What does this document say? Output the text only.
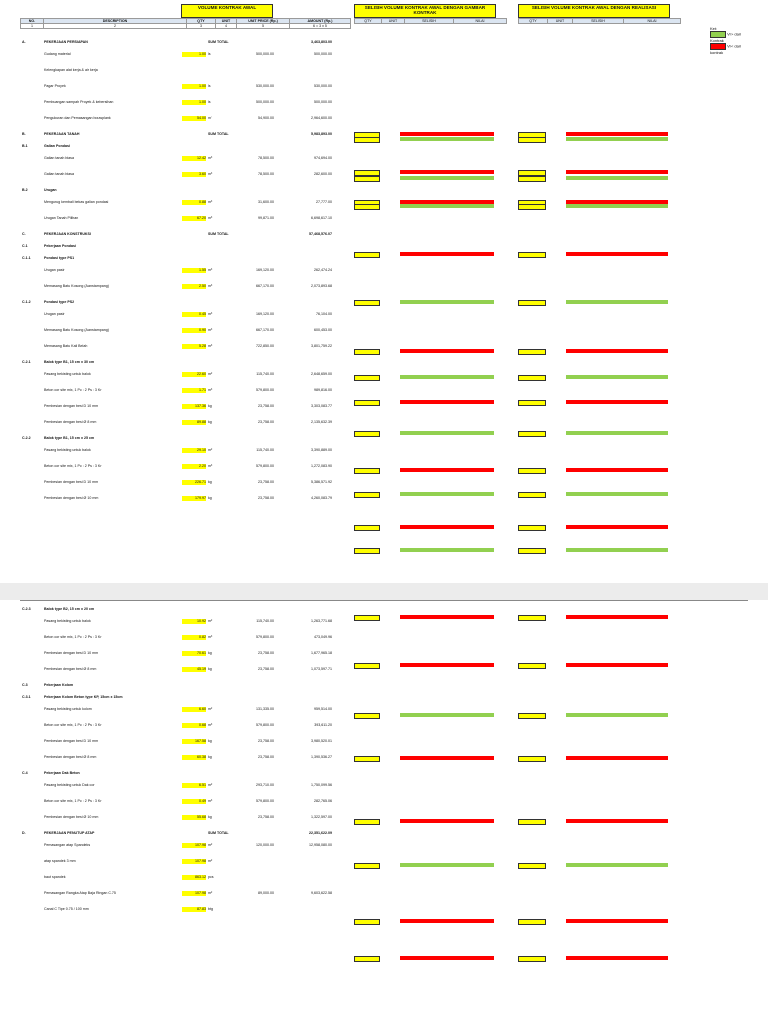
VOLUME KONTRAK AWAL	SELISIH VOLUME KONTRAK AWAL DENGAN GAMBAR KONTRAK
SELISIH VOLUME KONTRAK AWAL DENGAN REALISASI
Ket:
Vr> dari Kontrak
Vr< dari kontrak
NO.	DESCRIPTION	QTY	UNIT	UNIT PRICE (Rp.)	AMOUNT (Rp.)
1	2	3	4	5	6 = 3 x 5
QTY	UNIT	SELISIH	NILAI	QTY	UNIT	SELISIH	NILAI
A.	PEKERJAAN PERSIAPAN	SUM TOTAL	3,463,803.00
Gudang material	1.00 ls	500,000.00	500,000.00
Kelengkapan alat kerja & air kerja
Pagar Proyek	1.00 ls	530,000.00	530,000.00
Pembuangan sampah Proyek & kebersihan	1.00 ls	500,000.00	500,000.00
Pengukuran dan Pemasangan bouwplank	54.00 m'	54,900.00	2,964,600.00
B.	PEKERJAAN TANAH	SUM TOTAL	5,983,893.00
B.1	Galian Pondasi
Galian tanah biasa	12.42 m³	78,500.00	974,694.00
Galian tanah biasa	3.60 m³	78,500.00	282,600.00
B.2	Urugan
Mengurug kembali bekas galian pondasi	0.88 m³	31,600.00	27,777.00
Urugan Tanah Pilihan	67.20 m³	99,871.00	6,698,617.10
C.	PEKERJAAN KONSTRUKSI	SUM TOTAL	57,468,576.07
C.1	Pekerjaan Pondasi
C.1.1	Pondasi type PS1
Urugan pasir	1.55 m³	169,120.00	262,474.24
Memasang Batu Kosong (Aanstampang)	2.50 m³	667,170.00	2,073,893.68
C.1.2	Pondasi type PS2
Urugan pasir	0.45 m³	169,120.00	76,104.00
Memasang Batu Kosong (Aanstampang)	0.90 m³	667,170.00	600,453.00
Memasang Batu Kali Belah	5.28 m³	722,850.00	3,801,759.22
C.2.1	Balok type B1, 15 cm x 30 cm
Pasang bekisting untuk balok	22.60 m²	115,740.00	2,648,659.00
Beton cor site mix, 1 Pc : 2 Ps : 3 Kr	1.71 m³	579,800.00	989,816.00
Pembesian dengan besi D 10 mm	137.36 kg	23,758.00	3,303,083.77
Pembesian dengan besi Ø 8 mm	89.88 kg	23,758.00	2,135,632.39
C.2.2	Balok type B1, 15 cm x 25 cm
Pasang bekisting untuk balok	29.10 m²	115,740.00	3,390,889.00
Beton cor site mix, 1 Pc : 2 Ps : 3 Kr	2.20 m³	579,800.00	1,272,083.90
Pembesian dengan besi D 10 mm	226.71 kg	23,758.00	5,386,571.92
Pembesian dengan besi Ø 10 mm	179.97 kg	23,758.00	4,260,083.79
C.2.3	Balok type B2, 15 cm x 20 cm
Pasang bekisting untuk balok	10.92 m²	115,740.00	1,263,771.68
Beton cor site mix, 1 Pc : 2 Ps : 3 Kr	0.82 m³	579,800.00	473,049.96
Pembesian dengan besi D 10 mm	70.61 kg	23,758.00	1,677,965.18
Pembesian dengan besi Ø 8 mm	45.19 kg	23,758.00	1,073,597.71
C.3	Pekerjaan Kolom
C.3.1	Pekerjaan Kolom Beton type KP, 15cm x 15cm
Pasang bekisting untuk kolom	6.60 m²	131,335.00	959,514.00
Beton cor site mix, 1 Pc : 2 Ps : 3 Kr	0.68 m³	579,800.00	393,611.20
Pembesian dengan besi D 10 mm	167.58 kg	23,758.00	3,980,520.01
Pembesian dengan besi Ø 8 mm	60.38 kg	23,758.00	1,390,536.27
C.4	Pekerjaan Dak Beton
Pasang bekisting untuk Dak cor	6.51 m²	293,710.00	1,750,099.56
Beton cor site mix, 1 Pc : 2 Ps : 3 Kr	0.49 m³	579,800.00	282,765.06
Pembesian dengan besi Ø 10 mm	55.68 kg	23,758.00	1,322,597.00
D.	PEKERJAAN PENUTUP ATAP	SUM TOTAL	22,351,622.09
Pemasangan atap Spandeks	107.98 m²	120,000.00	12,958,080.00
atap spandek 3 mm	107.98 m²
baut spandek	863.12 pcs
Pemasangan Rangka Atap Baja Ringan C.75	107.98 m²	89,000.00	9,603,622.58
Canal C Tipe 0.75 / 100 mm	87.83 btg
